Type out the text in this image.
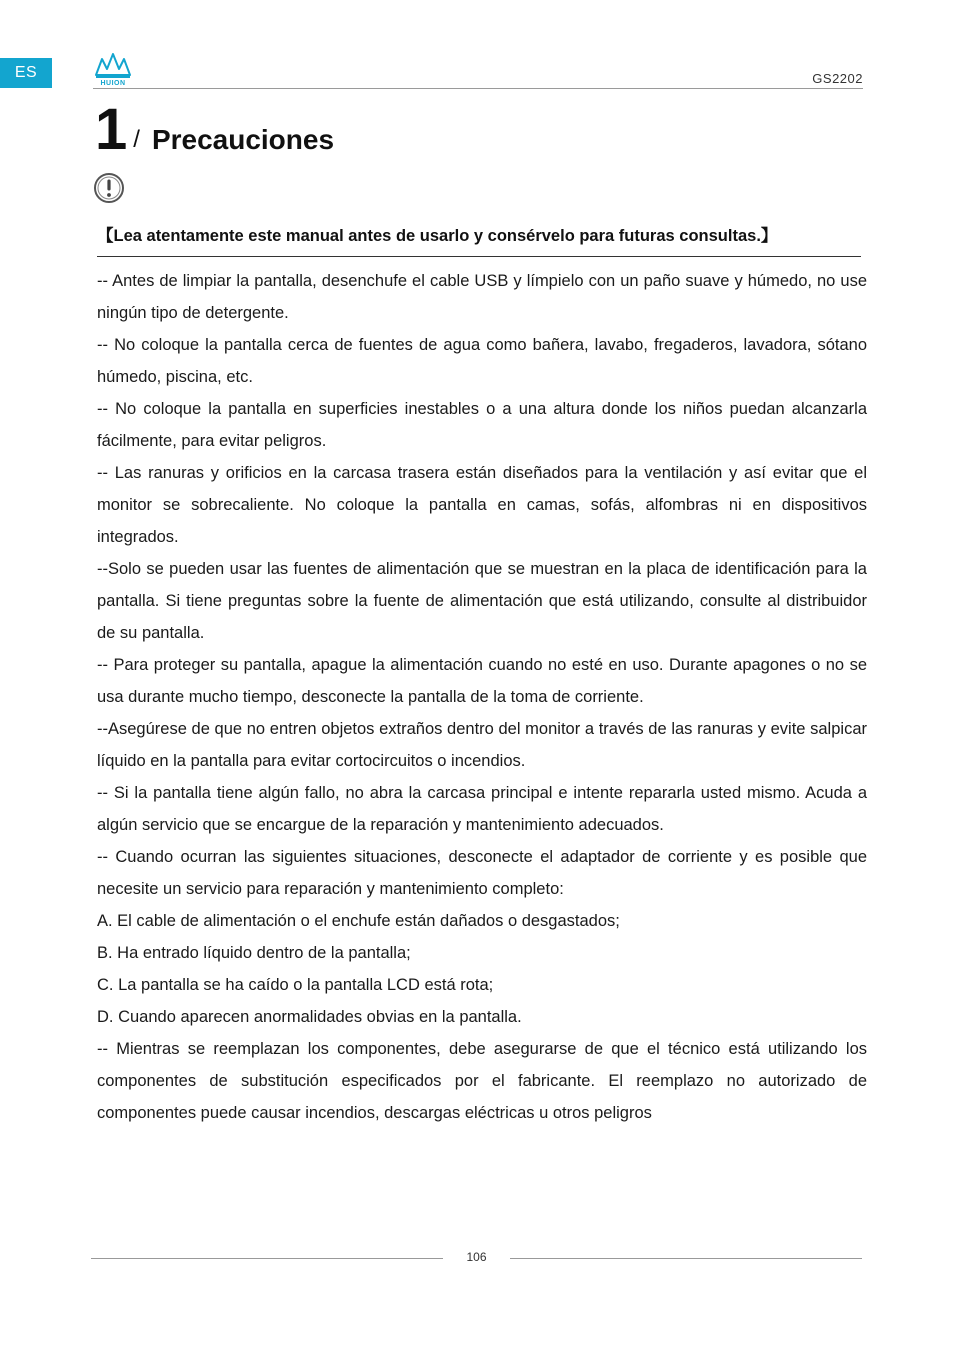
ES
HUION	GS2202
1 / Precauciones
【Lea atentamente este manual antes de usarlo y consérvelo para futuras consultas.】

-- Antes de limpiar la pantalla, desenchufe el cable USB y límpielo con un paño suave y húmedo, no use ningún tipo de detergente.

-- No coloque la pantalla cerca de fuentes de agua como bañera, lavabo, fregaderos, lavadora, sótano húmedo, piscina, etc.

-- No coloque la pantalla en superficies inestables o a una altura donde los niños puedan alcanzarla fácilmente, para evitar peligros.

-- Las ranuras y orificios en la carcasa trasera están diseñados para la ventilación y así evitar que el monitor se sobrecaliente. No coloque la pantalla en camas, sofás, alfombras ni en dispositivos integrados.

--Solo se pueden usar las fuentes de alimentación que se muestran en la placa de identificación para la pantalla. Si tiene preguntas sobre la fuente de alimentación que está utilizando, consulte al distribuidor de su pantalla.

-- Para proteger su pantalla, apague la alimentación cuando no esté en uso. Durante apagones o no se usa durante mucho tiempo, desconecte la pantalla de la toma de corriente.

--Asegúrese de que no entren objetos extraños dentro del monitor a través de las ranuras y evite salpicar líquido en la pantalla para evitar cortocircuitos o incendios.

-- Si la pantalla tiene algún fallo, no abra la carcasa principal e intente repararla usted mismo. Acuda a algún servicio que se encargue de la reparación y mantenimiento adecuados.

-- Cuando ocurran las siguientes situaciones, desconecte el adaptador de corriente y es posible que necesite un servicio para reparación y mantenimiento completo:

A. El cable de alimentación o el enchufe están dañados o desgastados;

B. Ha entrado líquido dentro de la pantalla;

C. La pantalla se ha caído o la pantalla LCD está rota;

D. Cuando aparecen anormalidades obvias en la pantalla.

-- Mientras se reemplazan los componentes, debe asegurarse de que el técnico está utilizando los componentes de substitución especificados por el fabricante. El reemplazo no autorizado de componentes puede causar incendios, descargas eléctricas u otros peligros

106
